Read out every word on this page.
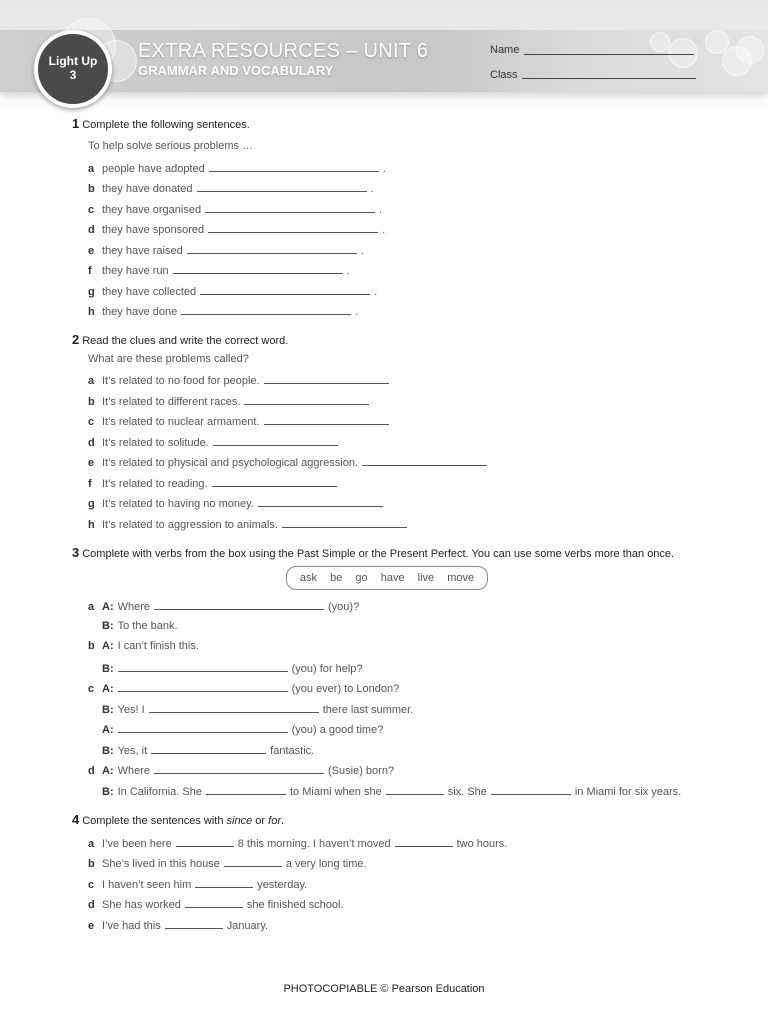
Light Up
3
EXTRA RESOURCES – UNIT 6
GRAMMAR AND VOCABULARY
Name
Class
1 Complete the following sentences.
To help solve serious problems …
a people have adopted	.
b they have donated	.
c they have organised	.
d they have sponsored	.
e they have raised	.
f they have run	.
g they have collected	.
h they have done	.
2 Read the clues and write the correct word.
What are these problems called?
a It’s related to no food for people.
b It’s related to different races.
c It’s related to nuclear armament.
d It’s related to solitude.
e It’s related to physical and psychological aggression.
f It’s related to reading.
g It’s related to having no money.
h It’s related to aggression to animals.
3 Complete with verbs from the box using the Past Simple or the Present Perfect. You can use some verbs more than once.
ask be go have live move
a A: Where	(you)?
B: To the bank.
b A: I can’t finish this.
B:	(you) for help?
c A:	(you ever) to London?
B: Yes! I	there last summer.
A:	(you) a good time?
B: Yes, it	fantastic.
d A: Where	(Susie) born?
B: In California. She	to Miami when she	six. She	in Miami for six years.
4 Complete the sentences with since or for.
a I’ve been here	8 this morning. I haven’t moved	two hours.
b She’s lived in this house	a very long time.
c I haven’t seen him	yesterday.
d She has worked	she finished school.
e I’ve had this	January.
PHOTOCOPIABLE © Pearson Education
